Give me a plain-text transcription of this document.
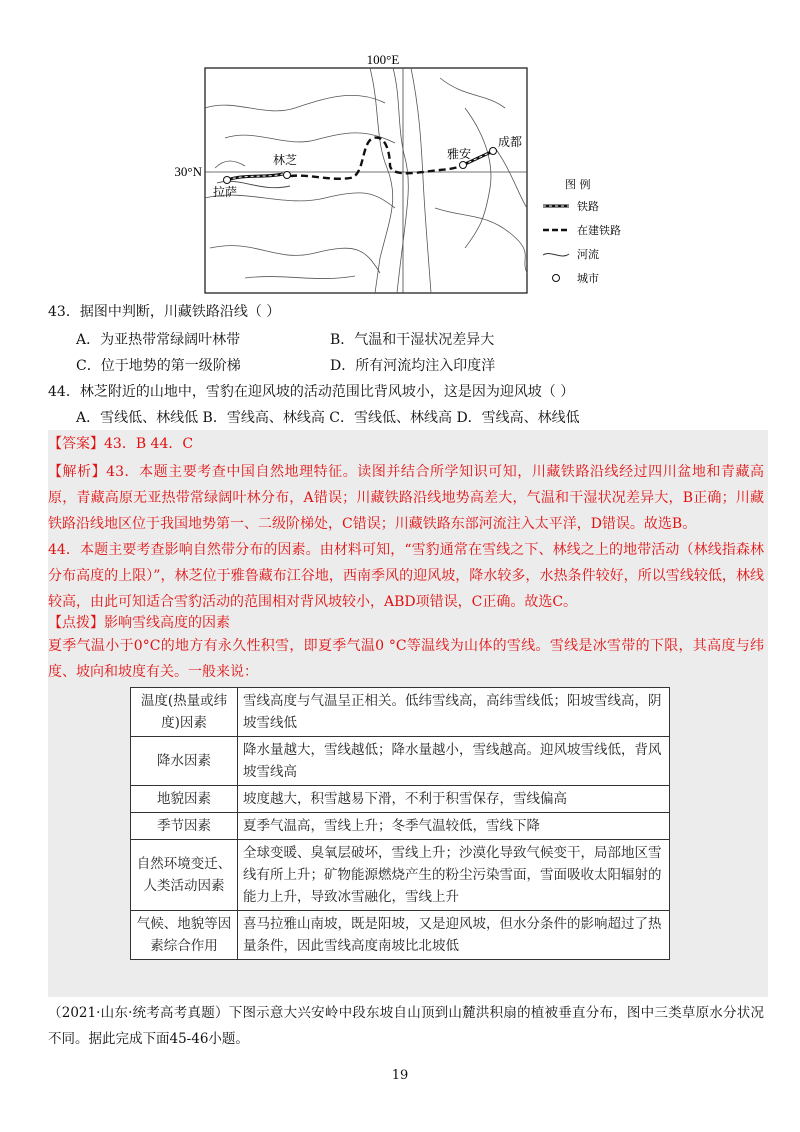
100°E
30°N
拉萨
林芝	雅安
成都
图 例
铁路
在建铁路
河流
城市
43．据图中判断，川藏铁路沿线（ ）
A．为亚热带常绿阔叶林带	B．气温和干湿状况差异大
C．位于地势的第一级阶梯	D．所有河流均注入印度洋
44．林芝附近的山地中，雪豹在迎风坡的活动范围比背风坡小，这是因为迎风坡（ ）
A．雪线低、林线低 B．雪线高、林线高 C．雪线低、林线高 D．雪线高、林线低
【答案】43．B 44．C
【解析】43．本题主要考查中国自然地理特征。读图并结合所学知识可知，川藏铁路沿线经过四川盆地和青藏高原，青藏高原无亚热带常绿阔叶林分布，A错误；川藏铁路沿线地势高差大，气温和干湿状况差异大，B正确；川藏铁路沿线地区位于我国地势第一、二级阶梯处，C错误；川藏铁路东部河流注入太平洋，D错误。故选B。
44．本题主要考查影响自然带分布的因素。由材料可知，“雪豹通常在雪线之下、林线之上的地带活动（林线指森林分布高度的上限）”，林芝位于雅鲁藏布江谷地，西南季风的迎风坡，降水较多，水热条件较好，所以雪线较低，林线较高，由此可知适合雪豹活动的范围相对背风坡较小，ABD项错误，C正确。故选C。
【点拨】影响雪线高度的因素
夏季气温小于0°C的地方有永久性积雪，即夏季气温0 °C等温线为山体的雪线。雪线是冰雪带的下限，其高度与纬度、坡向和坡度有关。一般来说：
温度(热量或纬度)因素	雪线高度与气温呈正相关。低纬雪线高，高纬雪线低；阳坡雪线高，阴坡雪线低
降水因素	降水量越大，雪线越低；降水量越小，雪线越高。迎风坡雪线低，背风坡雪线高
地貌因素	坡度越大，积雪越易下滑，不利于积雪保存，雪线偏高
季节因素	夏季气温高，雪线上升；冬季气温较低，雪线下降
自然环境变迁、人类活动因素	全球变暖、臭氧层破坏，雪线上升；沙漠化导致气候变干，局部地区雪线有所上升；矿物能源燃烧产生的粉尘污染雪面，雪面吸收太阳辐射的能力上升，导致冰雪融化，雪线上升
气候、地貌等因素综合作用	喜马拉雅山南坡，既是阳坡，又是迎风坡，但水分条件的影响超过了热量条件，因此雪线高度南坡比北坡低
（2021·山东·统考高考真题）下图示意大兴安岭中段东坡自山顶到山麓洪积扇的植被垂直分布，图中三类草原水分状况不同。据此完成下面45-46小题。
19
